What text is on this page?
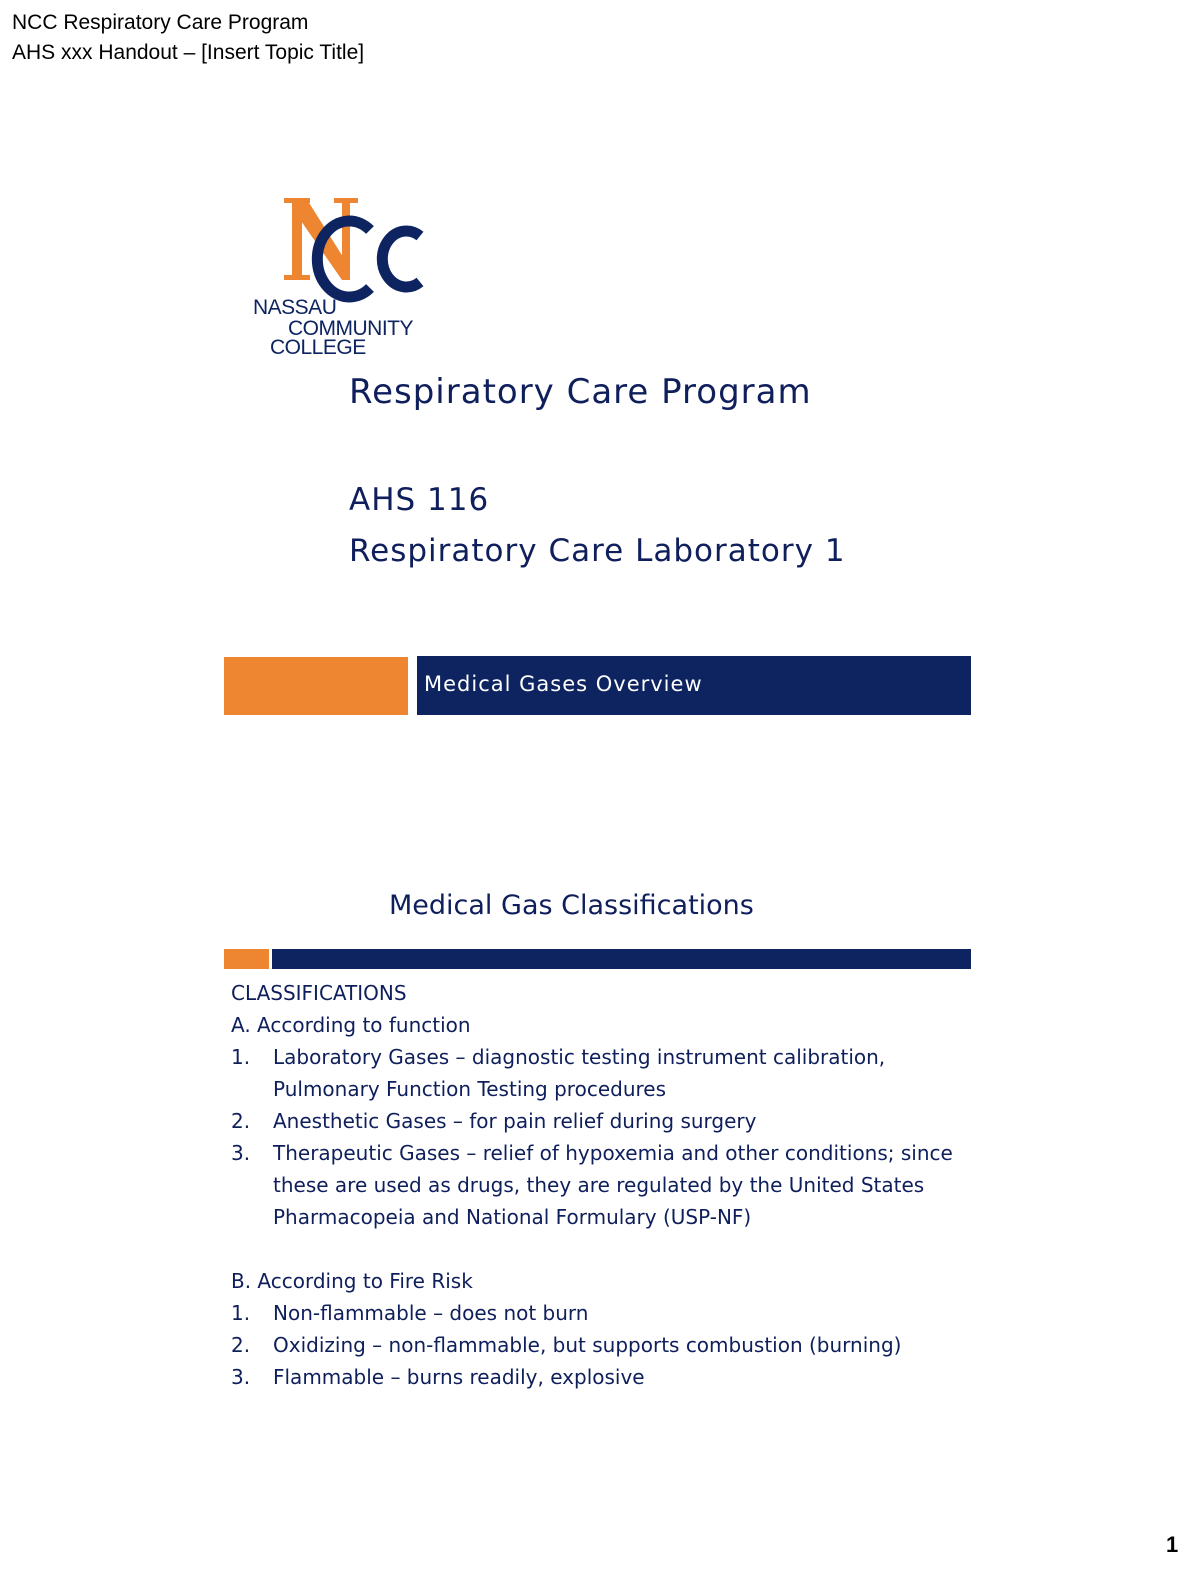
NCC Respiratory Care Program
AHS xxx Handout – [Insert Topic Title]
NASSAU
COMMUNITY
COLLEGE
Respiratory Care Program
AHS 116
Respiratory Care Laboratory 1
Medical Gases Overview
Medical Gas Classifications
CLASSIFICATIONS
A. According to function
1. Laboratory Gases – diagnostic testing instrument calibration, Pulmonary Function Testing procedures
2. Anesthetic Gases – for pain relief during surgery
3. Therapeutic Gases – relief of hypoxemia and other conditions; since these are used as drugs, they are regulated by the United States Pharmacopeia and National Formulary (USP-NF)
B. According to Fire Risk
1. Non-flammable – does not burn
2. Oxidizing – non-flammable, but supports combustion (burning)
3. Flammable – burns readily, explosive
1
